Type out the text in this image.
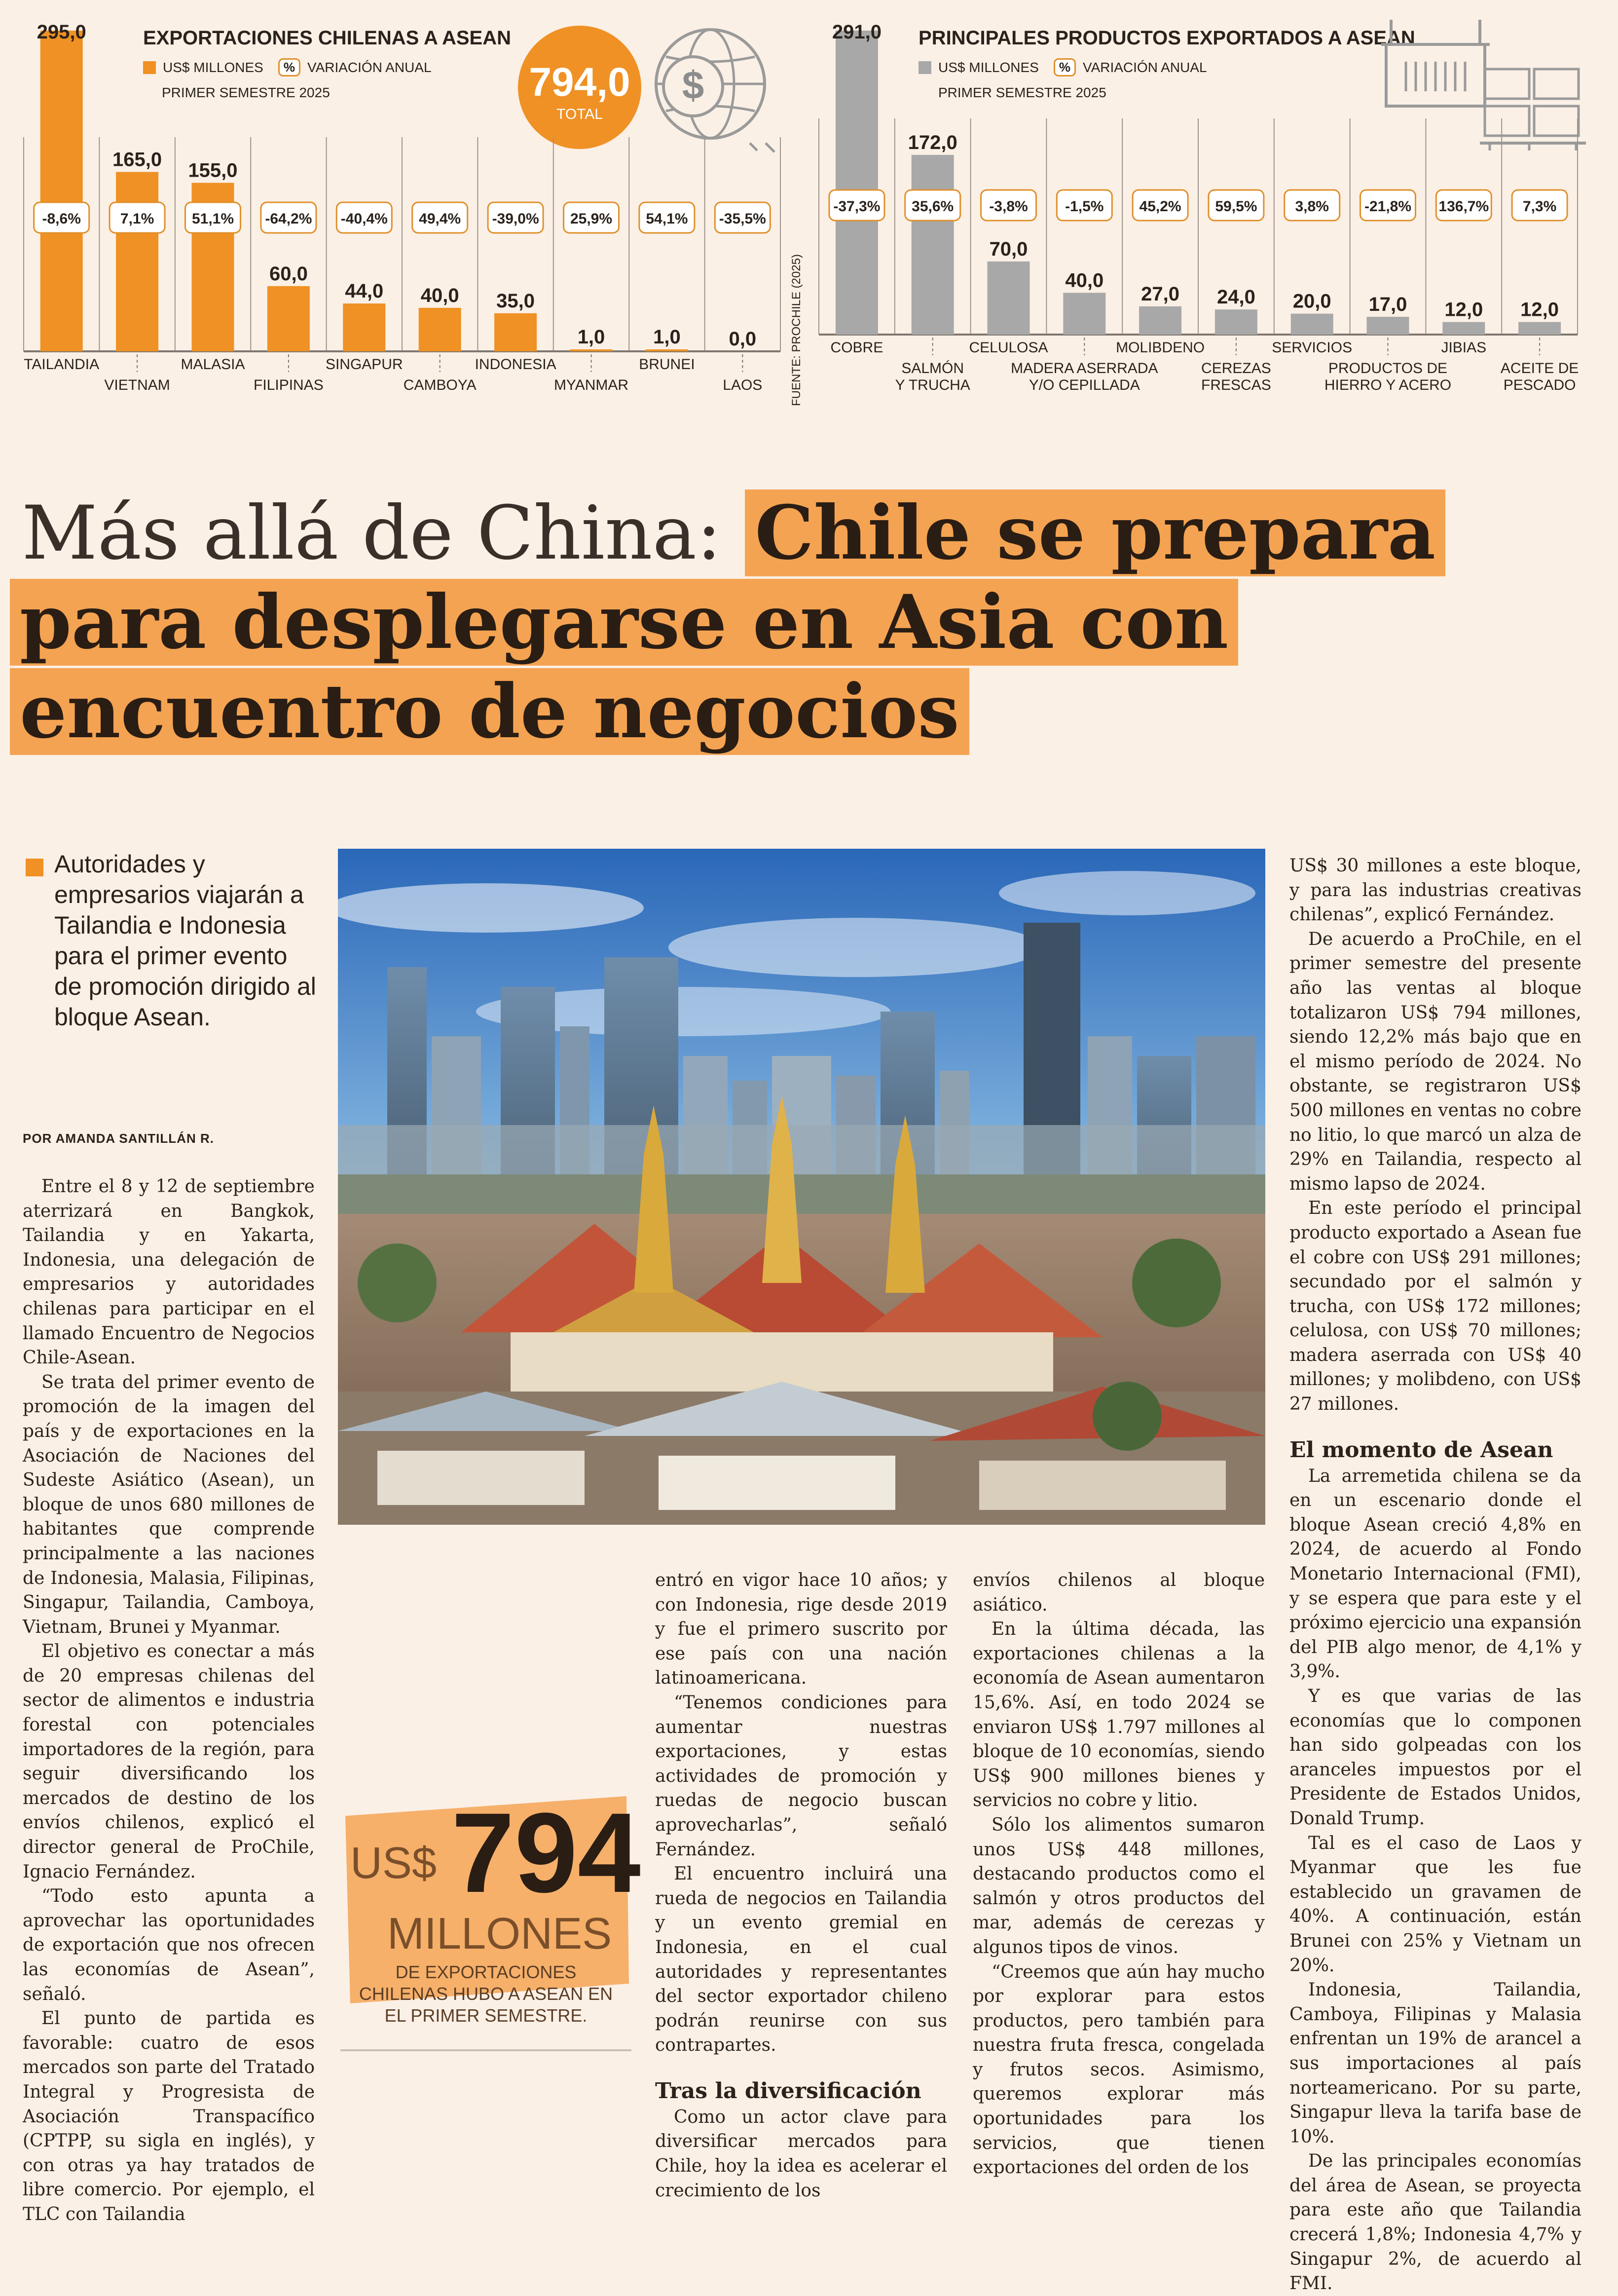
EXPORTACIONES CHILENAS A ASEAN
US$ MILLONES	% VARIACIÓN ANUAL
PRIMER SEMESTRE 2025	794,0
TOTAL
$
295,0
-8,6%
TAILANDIA
165,0
7,1%
VIETNAM
155,0
51,1%
MALASIA
60,0
-64,2%
FILIPINAS
44,0
-40,4%
SINGAPUR
40,0
49,4%
CAMBOYA
35,0
-39,0%
INDONESIA
1,0
25,9%
MYANMAR
1,0
54,1%
BRUNEI
0,0
-35,5%
LAOS
PRINCIPALES PRODUCTOS EXPORTADOS A ASEAN
US$ MILLONES	% VARIACIÓN ANUAL
PRIMER SEMESTRE 2025
FUENTE: PROCHILE (2025)
291,0
-37,3%
COBRE
172,0
35,6%
SALMÓN
Y TRUCHA
70,0
-3,8%
CELULOSA
40,0
-1,5%
MADERA ASERRADA
Y/O CEPILLADA
27,0
45,2%
MOLIBDENO
24,0
59,5%
CEREZAS
FRESCAS
20,0
3,8%
SERVICIOS
17,0
-21,8%
PRODUCTOS DE
HIERRO Y ACERO
12,0
136,7%
JIBIAS
12,0
7,3%
ACEITE DE
PESCADO
Más allá de China: Chile se prepara
para desplegarse en Asia con
encuentro de negocios
Autoridades y empresarios viajarán a Tailandia e Indonesia para el primer evento de promoción dirigido al bloque Asean.
POR AMANDA SANTILLÁN R.
US$ 794
MILLONES
DE EXPORTACIONES CHILENAS HUBO A ASEAN EN EL PRIMER SEMESTRE.

Entre el 8 y 12 de septiembre aterrizará en Bangkok, Tailandia y en Yakarta, Indonesia, una delegación de empresarios y autoridades chilenas para participar en el llamado Encuentro de Negocios Chile-Asean.

Se trata del primer evento de promoción de la imagen del país y de exportaciones en la Asociación de Naciones del Sudeste Asiático (Asean), un bloque de unos 680 millones de habitantes que comprende principalmente a las naciones de Indonesia, Malasia, Filipinas, Singapur, Tailandia, Camboya, Vietnam, Brunei y Myanmar.

El objetivo es conectar a más de 20 empresas chilenas del sector de alimentos e industria forestal con potenciales importadores de la región, para seguir diversificando los mercados de destino de los envíos chilenos, explicó el director general de ProChile, Ignacio Fernández.

“Todo esto apunta a aprovechar las oportunidades de exportación que nos ofrecen las economías de Asean”, señaló.

El punto de partida es favorable: cuatro de esos mercados son parte del Tratado Integral y Progresista de Asociación Transpacífico (CPTPP, su sigla en inglés), y con otras ya hay tratados de libre comercio. Por ejemplo, el TLC con Tailandia

entró en vigor hace 10 años; y con Indonesia, rige desde 2019 y fue el primero suscrito por ese país con una nación latinoamericana.

“Tenemos condiciones para aumentar nuestras exportaciones, y estas actividades de promoción y ruedas de negocio buscan aprovecharlas”, señaló Fernández.

El encuentro incluirá una rueda de negocios en Tailandia y un evento gremial en Indonesia, en el cual autoridades y representantes del sector exportador chileno podrán reunirse con sus contrapartes.

Tras la diversificación

Como un actor clave para diversificar mercados para Chile, hoy la idea es acelerar el crecimiento de los

envíos chilenos al bloque asiático.

En la última década, las exportaciones chilenas a la economía de Asean aumentaron 15,6%. Así, en todo 2024 se enviaron US$ 1.797 millones al bloque de 10 economías, siendo US$ 900 millones bienes y servicios no cobre y litio.

Sólo los alimentos sumaron unos US$ 448 millones, destacando productos como el salmón y otros productos del mar, además de cerezas y algunos tipos de vinos.

“Creemos que aún hay mucho por explorar para estos productos, pero también para nuestra fruta fresca, congelada y frutos secos. Asimismo, queremos explorar más oportunidades para los servicios, que tienen exportaciones del orden de los

US$ 30 millones a este bloque, y para las industrias creativas chilenas”, explicó Fernández.

De acuerdo a ProChile, en el primer semestre del presente año las ventas al bloque totalizaron US$ 794 millones, siendo 12,2% más bajo que en el mismo período de 2024. No obstante, se registraron US$ 500 millones en ventas no cobre no litio, lo que marcó un alza de 29% en Tailandia, respecto al mismo lapso de 2024.

En este período el principal producto exportado a Asean fue el cobre con US$ 291 millones; secundado por el salmón y trucha, con US$ 172 millones; celulosa, con US$ 70 millones; madera aserrada con US$ 40 millones; y molibdeno, con US$ 27 millones.

El momento de Asean

La arremetida chilena se da en un escenario donde el bloque Asean creció 4,8% en 2024, de acuerdo al Fondo Monetario Internacional (FMI), y se espera que para este y el próximo ejercicio una expansión del PIB algo menor, de 4,1% y 3,9%.

Y es que varias de las economías que lo componen han sido golpeadas con los aranceles impuestos por el Presidente de Estados Unidos, Donald Trump.

Tal es el caso de Laos y Myanmar que les fue establecido un gravamen de 40%. A continuación, están Brunei con 25% y Vietnam un 20%.

Indonesia, Tailandia, Camboya, Filipinas y Malasia enfrentan un 19% de arancel a sus importaciones al país norteamericano. Por su parte, Singapur lleva la tarifa base de 10%.

De las principales economías del área de Asean, se proyecta para este año que Tailandia crecerá 1,8%; Indonesia 4,7% y Singapur 2%, de acuerdo al FMI.
